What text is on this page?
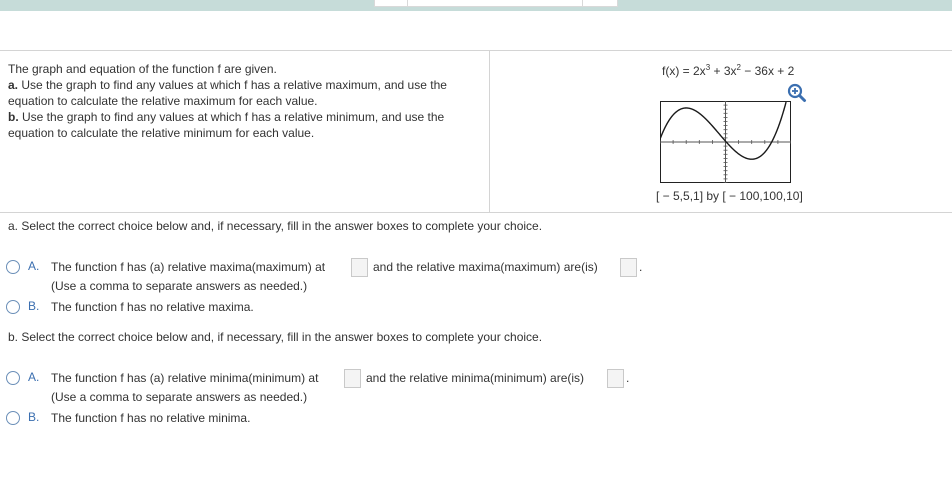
The graph and equation of the function f are given.
a. Use the graph to find any values at which f has a relative maximum, and use the
equation to calculate the relative maximum for each value.
b. Use the graph to find any values at which f has a relative minimum, and use the
equation to calculate the relative minimum for each value.
$f(x) = 2x^3 + 3x^2 - 36x + 2$
[ − 5,5,1] by [ − 100,100,10]
a. Select the correct choice below and, if necessary, fill in the answer boxes to complete your choice.
A. The function f has (a) relative maxima(maximum) at	and the relative maxima(maximum) are(is)	.
(Use a comma to separate answers as needed.)
B. The function f has no relative maxima.
b. Select the correct choice below and, if necessary, fill in the answer boxes to complete your choice.
A. The function f has (a) relative minima(minimum) at	and the relative minima(minimum) are(is)	.
(Use a comma to separate answers as needed.)
B. The function f has no relative minima.
